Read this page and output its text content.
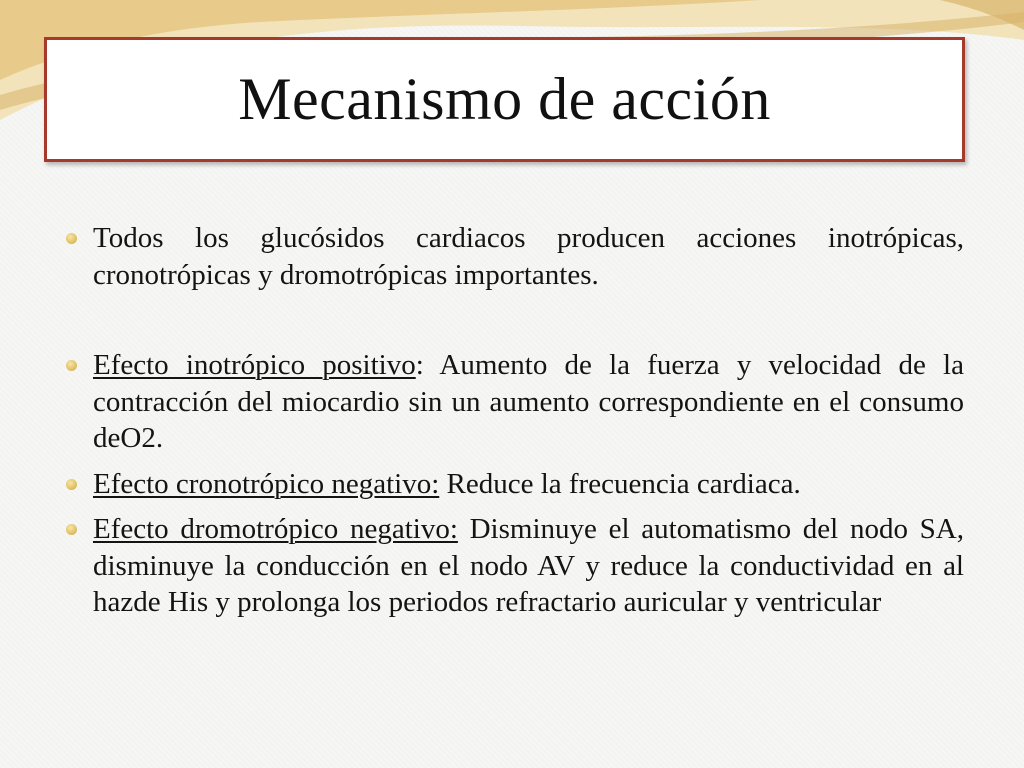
Mecanismo de acción
Todos los glucósidos cardiacos producen acciones inotrópicas, cronotrópicas y dromotrópicas importantes.
Efecto inotrópico positivo: Aumento de la fuerza y velocidad de la contracción del miocardio sin un aumento correspondiente en el consumo deO2.
Efecto cronotrópico negativo: Reduce la frecuencia cardiaca.
Efecto dromotrópico negativo: Disminuye el automatismo del nodo SA, disminuye la conducción en el nodo AV y reduce la conductividad en al hazde His y prolonga los periodos refractario auricular y ventricular
